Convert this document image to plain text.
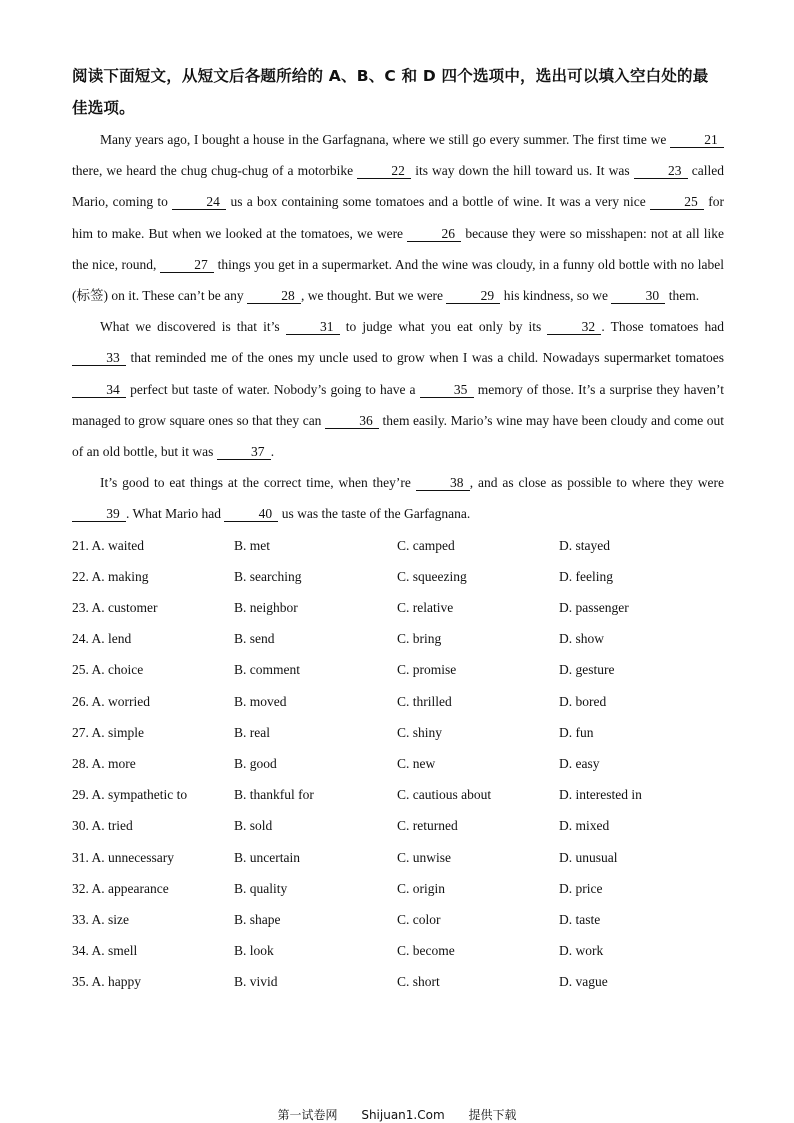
阅读下面短文，从短文后各题所给的 A、B、C 和 D 四个选项中，选出可以填入空白处的最佳选项。

Many years ago, I bought a house in the Garfagnana, where we still go every summer. The first time we	21 there, we heard the chug chug-chug of a motorbike	22 its way down the hill toward us. It was	23 called Mario, coming to	24 us a box containing some tomatoes and a bottle of wine. It was a very nice	25 for him to make. But when we looked at the tomatoes, we were	26 because they were so misshapen: not at all like the nice, round,	27 things you get in a supermarket. And the wine was cloudy, in a funny old bottle with no label (标签) on it. These can’t be any	28 , we thought. But we were	29 his kindness, so we	30 them.

What we discovered is that it’s	31 to judge what you eat only by its	32 . Those tomatoes had 33 that reminded me of the ones my uncle used to grow when I was a child. Nowadays supermarket tomatoes 34 perfect but taste of water. Nobody’s going to have a	35 memory of those. It’s a surprise they haven’t managed to grow square ones so that they can	36 them easily. Mario’s wine may have been cloudy and come out of an old bottle, but it was	37 .

It’s good to eat things at the correct time, when they’re	38 , and as close as possible to where they were 39 . What Mario had	40 us was the taste of the Garfagnana.

21. A. waited	B. met	C. camped	D. stayed
22. A. making	B. searching	C. squeezing	D. feeling
23. A. customer	B. neighbor	C. relative	D. passenger
24. A. lend	B. send	C. bring	D. show
25. A. choice	B. comment	C. promise	D. gesture
26. A. worried	B. moved	C. thrilled	D. bored
27. A. simple	B. real	C. shiny	D. fun
28. A. more	B. good	C. new	D. easy
29. A. sympathetic to	B. thankful for	C. cautious about	D. interested in
30. A. tried	B. sold	C. returned	D. mixed
31. A. unnecessary	B. uncertain	C. unwise	D. unusual
32. A. appearance	B. quality	C. origin	D. price
33. A. size	B. shape	C. color	D. taste
34. A. smell	B. look	C. become	D. work
35. A. happy	B. vivid	C. short	D. vague
第一试卷网 Shijuan1.Com 提供下载
